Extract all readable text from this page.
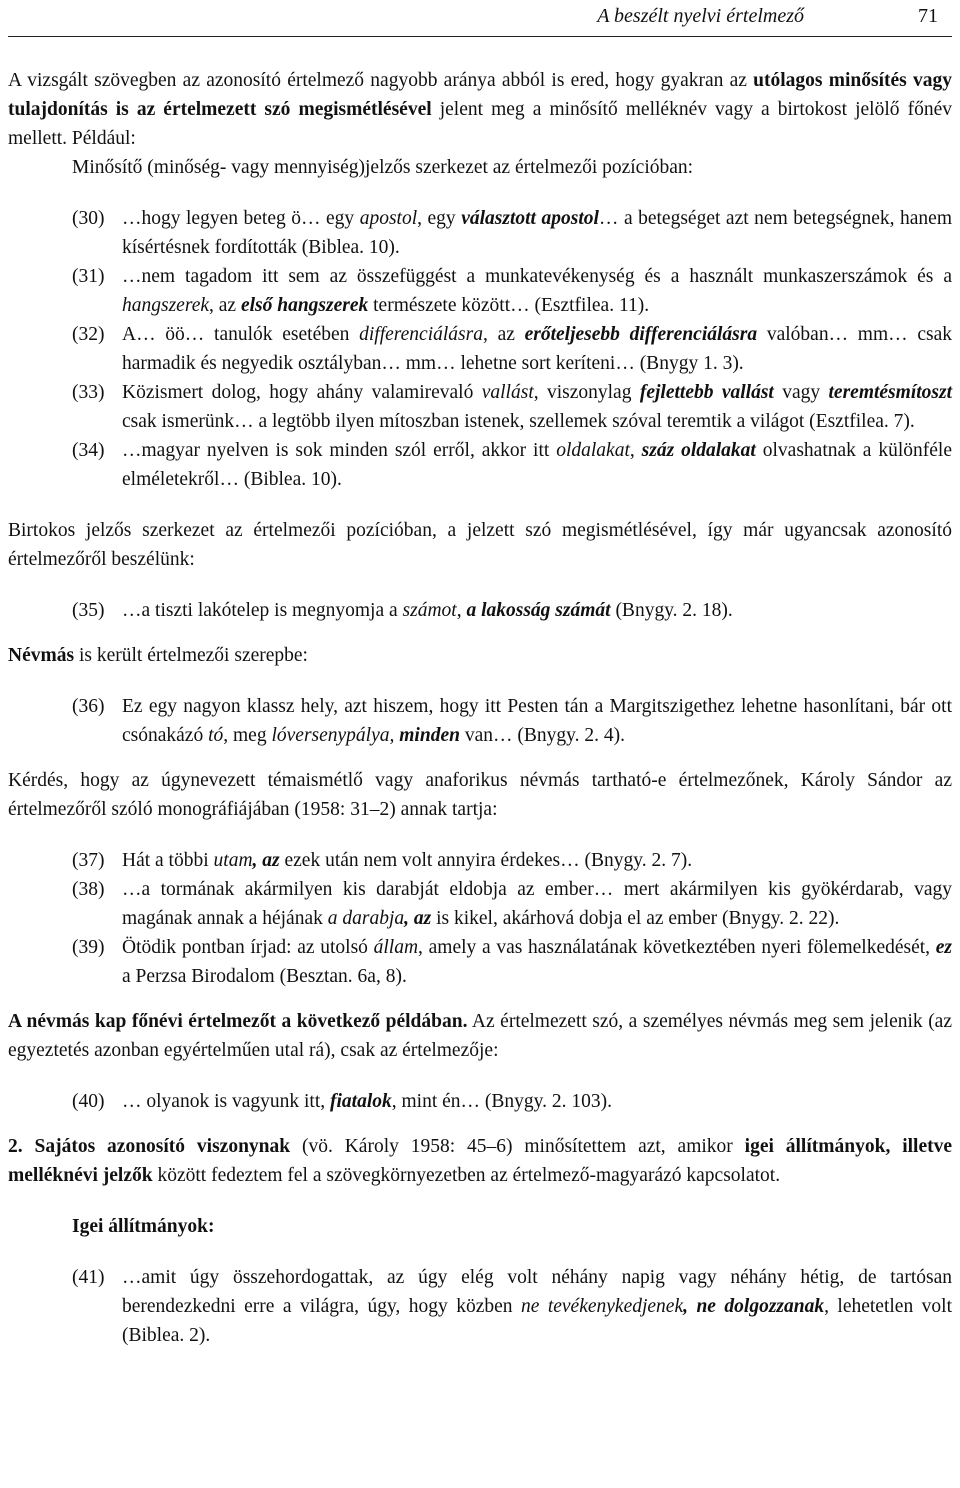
A beszélt nyelvi értelmező	71

A vizsgált szövegben az azonosító értelmező nagyobb aránya abból is ered, hogy gyakran az utólagos minősítés vagy tulajdonítás is az értelmezett szó megismétlésével jelent meg a minősítő melléknév vagy a birtokost jelölő főnév mellett. Például:

Minősítő (minőség- vagy mennyiség)jelzős szerkezet az értelmezői pozícióban:

(30) …hogy legyen beteg ö… egy apostol, egy választott apostol… a betegséget azt nem betegségnek, hanem kísértésnek fordították (Biblea. 10).
(31) …nem tagadom itt sem az összefüggést a munkatevékenység és a használt munkaszerszámok és a hangszerek, az első hangszerek természete között… (Esztfilea. 11).
(32) A… öö… tanulók esetében differenciálásra, az erőteljesebb differenciálásra valóban… mm… csak harmadik és negyedik osztályban… mm… lehetne sort keríteni… (Bnygy 1. 3).
(33) Közismert dolog, hogy ahány valamirevaló vallást, viszonylag fejlettebb vallást vagy teremtésmítoszt csak ismerünk… a legtöbb ilyen mítoszban istenek, szellemek szóval teremtik a világot (Esztfilea. 7).
(34) …magyar nyelven is sok minden szól erről, akkor itt oldalakat, száz oldalakat olvashatnak a különféle elméletekről… (Biblea. 10).

Birtokos jelzős szerkezet az értelmezői pozícióban, a jelzett szó megismétlésével, így már ugyancsak azonosító értelmezőről beszélünk:

(35) …a tiszti lakótelep is megnyomja a számot, a lakosság számát (Bnygy. 2. 18).

Névmás is került értelmezői szerepbe:

(36) Ez egy nagyon klassz hely, azt hiszem, hogy itt Pesten tán a Margitszigethez lehetne hasonlítani, bár ott csónakázó tó, meg lóversenypálya, minden van… (Bnygy. 2. 4).

Kérdés, hogy az úgynevezett témaismétlő vagy anaforikus névmás tartható-e értelmezőnek, Károly Sándor az értelmezőről szóló monográfiájában (1958: 31–2) annak tartja:

(37) Hát a többi utam, az ezek után nem volt annyira érdekes… (Bnygy. 2. 7).
(38) …a tormának akármilyen kis darabját eldobja az ember… mert akármilyen kis gyökérdarab, vagy magának annak a héjának a darabja, az is kikel, akárhová dobja el az ember (Bnygy. 2. 22).
(39) Ötödik pontban írjad: az utolsó állam, amely a vas használatának következtében nyeri fölemelkedését, ez a Perzsa Birodalom (Besztan. 6a, 8).

A névmás kap főnévi értelmezőt a következő példában. Az értelmezett szó, a személyes névmás meg sem jelenik (az egyeztetés azonban egyértelműen utal rá), csak az értelmezője:

(40) … olyanok is vagyunk itt, fiatalok, mint én… (Bnygy. 2. 103).

2. Sajátos azonosító viszonynak (vö. Károly 1958: 45–6) minősítettem azt, amikor igei állítmányok, illetve melléknévi jelzők között fedeztem fel a szövegkörnyezetben az értelmező-magyarázó kapcsolatot.

Igei állítmányok:

(41) …amit úgy összehordogattak, az úgy elég volt néhány napig vagy néhány hétig, de tartósan berendezkedni erre a világra, úgy, hogy közben ne tevékenykedjenek, ne dolgozzanak, lehetetlen volt (Biblea. 2).
